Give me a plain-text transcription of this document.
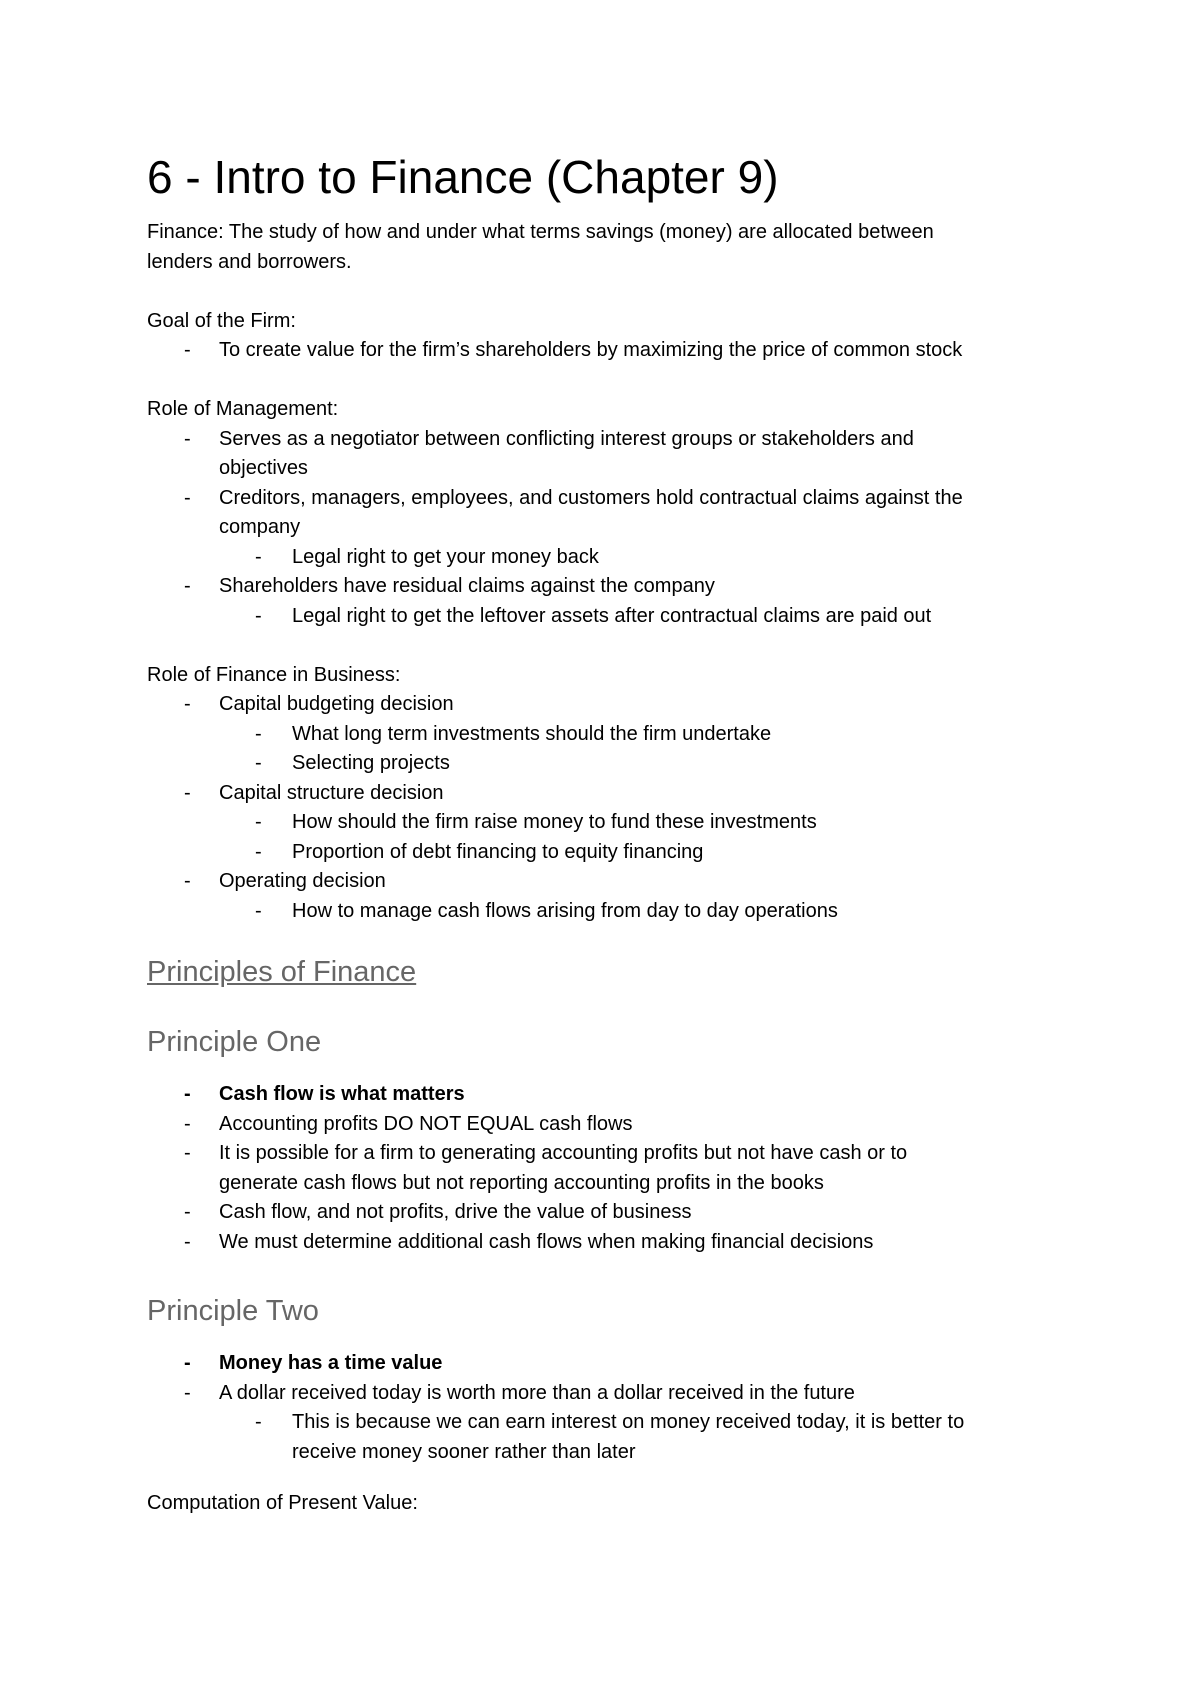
6 - Intro to Finance (Chapter 9)

Finance: The study of how and under what terms savings (money) are allocated between

lenders and borrowers.

Goal of the Firm:

- To create value for the firm’s shareholders by maximizing the price of common stock

Role of Management:

- Serves as a negotiator between conflicting interest groups or stakeholders and
objectives
- Creditors, managers, employees, and customers hold contractual claims against the
company
- Legal right to get your money back
- Shareholders have residual claims against the company
- Legal right to get the leftover assets after contractual claims are paid out

Role of Finance in Business:

- Capital budgeting decision
- What long term investments should the firm undertake
- Selecting projects
- Capital structure decision
- How should the firm raise money to fund these investments
- Proportion of debt financing to equity financing
- Operating decision
- How to manage cash flows arising from day to day operations
Principles of Finance
Principle One
- Cash flow is what matters
- Accounting profits DO NOT EQUAL cash flows
- It is possible for a firm to generating accounting profits but not have cash or to
generate cash flows but not reporting accounting profits in the books
- Cash flow, and not profits, drive the value of business
- We must determine additional cash flows when making financial decisions
Principle Two
- Money has a time value
- A dollar received today is worth more than a dollar received in the future
- This is because we can earn interest on money received today, it is better to
receive money sooner rather than later

Computation of Present Value:
